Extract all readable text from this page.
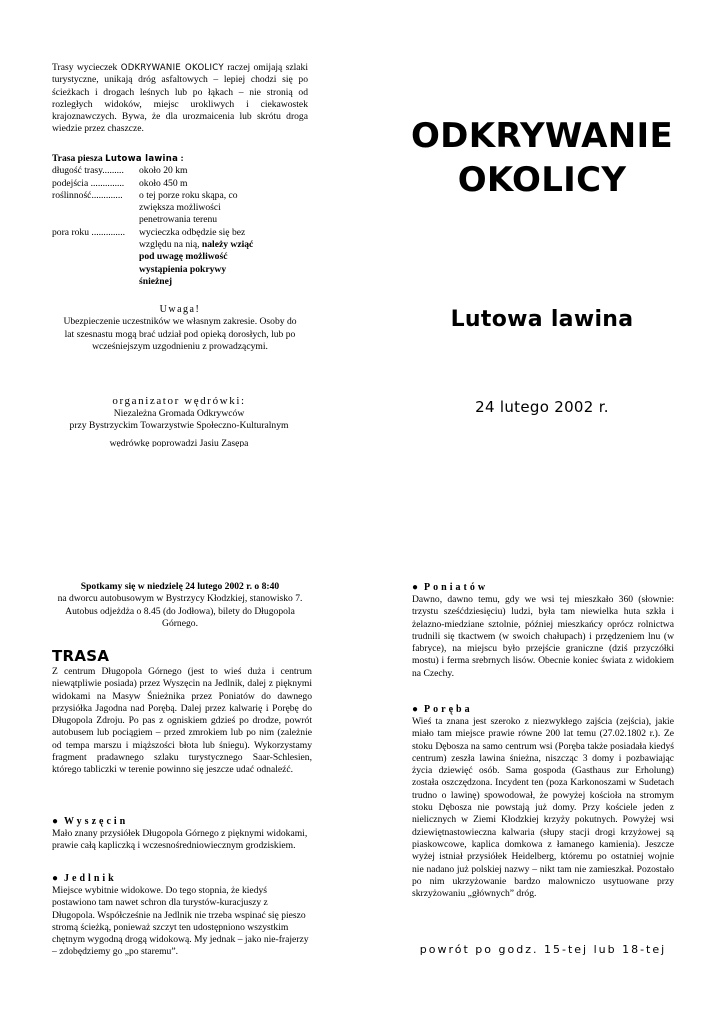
Trasy wycieczek ODKRYWANIE OKOLICY raczej omijają szlaki turystyczne, unikają dróg asfaltowych – lepiej chodzi się po ścieżkach i drogach leśnych lub po łąkach – nie stronią od rozległych widoków, miejsc urokliwych i ciekawostek krajoznawczych. Bywa, że dla urozmaicenia lub skrótu droga wiedzie przez chaszcze.

Trasa piesza Lutowa lawina :

długość trasy.........	około 20 km
podejścia ..............	około 450 m
roślinność.............	o tej porze roku skąpa, co zwiększa możliwości penetrowania terenu
pora roku ..............	wycieczka odbędzie się bez względu na nią, należy wziąć pod uwagę możliwość wystąpienia pokrywy śnieżnej

Uwaga!

Ubezpieczenie uczestników we własnym zakresie. Osoby do lat szesnastu mogą brać udział pod opieką dorosłych, lub po wcześniejszym uzgodnieniu z prowadzącymi.

organizator wędrówki:

Niezależna Gromada Odkrywców

przy Bystrzyckim Towarzystwie Społeczno-Kulturalnym

wędrówkę poprowadzi Jasiu Zasępa

ODKRYWANIE
OKOLICY
Lutowa lawina
24 lutego 2002 r.

Spotkamy się w niedzielę 24 lutego 2002 r. o 8:40

na dworcu autobusowym w Bystrzycy Kłodzkiej, stanowisko 7. Autobus odjeżdża o 8.45 (do Jodłowa), bilety do Długopola Górnego.

TRASA

Z centrum Długopola Górnego (jest to wieś duża i centrum niewątpliwie posiada) przez Wyszęcin na Jedlnik, dalej z pięknymi widokami na Masyw Śnieżnika przez Poniatów do dawnego przysiółka Jagodna nad Porębą. Dalej przez kalwarię i Porębę do Długopola Zdroju. Po pas z ogniskiem gdzieś po drodze, powrót autobusem lub pociągiem – przed zmrokiem lub po nim (zależnie od tempa marszu i miąższości błota lub śniegu). Wykorzystamy fragment pradawnego szlaku turystycznego Saar-Schlesien, którego tabliczki w terenie powinno się jeszcze udać odnaleźć.

● Wyszęcin

Mało znany przysiółek Długopola Górnego z pięknymi widokami, prawie całą kapliczką i wczesnośredniowiecznym grodziskiem.

● Jedlnik

Miejsce wybitnie widokowe. Do tego stopnia, że kiedyś postawiono tam nawet schron dla turystów-kuracjuszy z Długopola. Współcześnie na Jedlnik nie trzeba wspinać się pieszo stromą ścieżką, ponieważ szczyt ten udostępniono wszystkim chętnym wygodną drogą widokową. My jednak – jako nie-frajerzy – zdobędziemy go „po staremu”.

● Poniatów

Dawno, dawno temu, gdy we wsi tej mieszkało 360 (słownie: trzystu sześćdziesięciu) ludzi, była tam niewielka huta szkła i żelazno-miedziane sztolnie, później mieszkańcy oprócz rolnictwa trudnili się tkactwem (w swoich chałupach) i przędzeniem lnu (w fabryce), na miejscu było przejście graniczne (dziś przyczółki mostu) i ferma srebrnych lisów. Obecnie koniec świata z widokiem na Czechy.

● Poręba

Wieś ta znana jest szeroko z niezwykłego zajścia (zejścia), jakie miało tam miejsce prawie równe 200 lat temu (27.02.1802 r.). Ze stoku Dębosza na samo centrum wsi (Poręba także posiadała kiedyś centrum) zeszła lawina śnieżna, niszcząc 3 domy i pozbawiając życia dziewięć osób. Sama gospoda (Gasthaus zur Erholung) została oszczędzona. Incydent ten (poza Karkonoszami w Sudetach trudno o lawinę) spowodował, że powyżej kościoła na stromym stoku Dębosza nie powstają już domy. Przy kościele jeden z nielicznych w Ziemi Kłodzkiej krzyży pokutnych. Powyżej wsi dziewiętnastowieczna kalwaria (słupy stacji drogi krzyżowej są piaskowcowe, kaplica domkowa z łamanego kamienia). Jeszcze wyżej istniał przysiółek Heidelberg, któremu po ostatniej wojnie nie nadano już polskiej nazwy – nikt tam nie zamieszkał. Pozostało po nim ukrzyżowanie bardzo malowniczo usytuowane przy skrzyżowaniu „głównych” dróg.

powrót po godz. 15-tej lub 18-tej
